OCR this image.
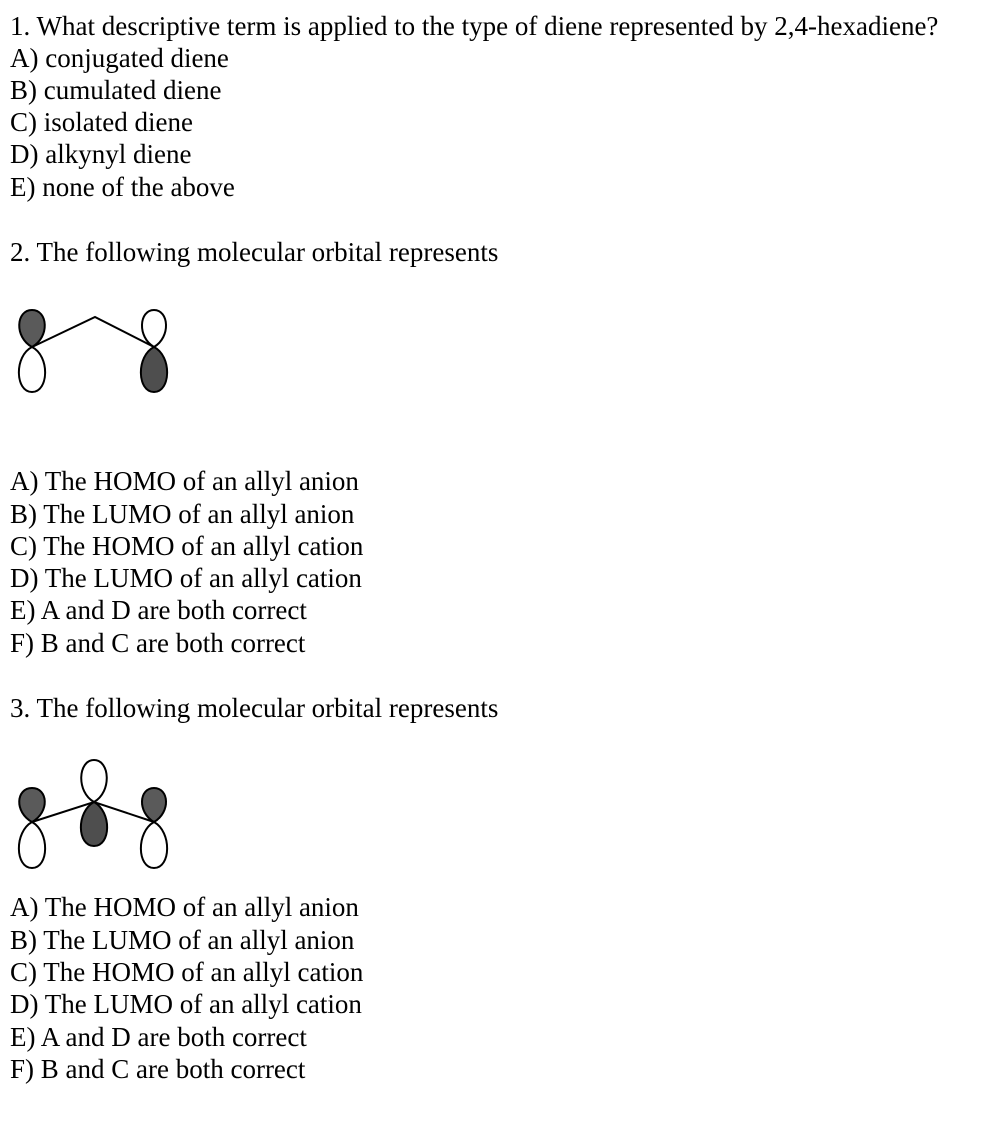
1. What descriptive term is applied to the type of diene represented by 2,4-hexadiene?
A) conjugated diene
B) cumulated diene
C) isolated diene
D) alkynyl diene
E) none of the above
2. The following molecular orbital represents
A) The HOMO of an allyl anion
B) The LUMO of an allyl anion
C) The HOMO of an allyl cation
D) The LUMO of an allyl cation
E) A and D are both correct
F) B and C are both correct
3. The following molecular orbital represents
A) The HOMO of an allyl anion
B) The LUMO of an allyl anion
C) The HOMO of an allyl cation
D) The LUMO of an allyl cation
E) A and D are both correct
F) B and C are both correct
